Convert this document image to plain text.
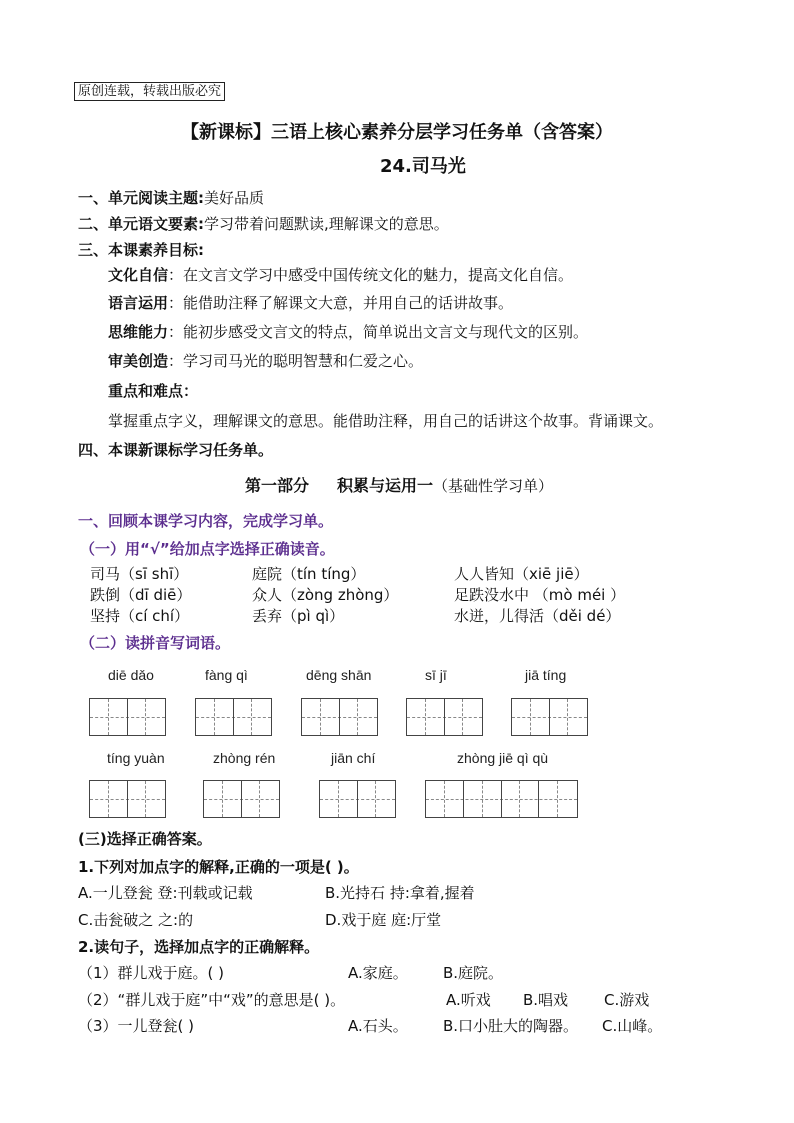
原创连载，转载出版必究
【新课标】三语上核心素养分层学习任务单（含答案）
24.司马光
一、单元阅读主题:美好品质
二、单元语文要素:学习带着问题默读,理解课文的意思。
三、本课素养目标:
文化自信：在文言文学习中感受中国传统文化的魅力，提高文化自信。
语言运用：能借助注释了解课文大意，并用自己的话讲故事。
思维能力：能初步感受文言文的特点，简单说出文言文与现代文的区别。
审美创造：学习司马光的聪明智慧和仁爱之心。
重点和难点：
掌握重点字义，理解课文的意思。能借助注释，用自己的话讲这个故事。背诵课文。
四、本课新课标学习任务单。
第一部分 积累与运用一（基础性学习单）
一、回顾本课学习内容，完成学习单。
（一）用“√”给加点字选择正确读音。
司马（sī shī）	庭院（tín tíng）	人人皆知（xiē jiē）
跌倒（dī diē）	众人（zòng zhòng）	足跌没水中 （mò méi ）
坚持（cí chí）	丢弃（pì qì）	水迸，儿得活（děi dé）
（二）读拼音写词语。
diē dǎo	fàng qì	dēng shān	sī jī	jiā tíng
tíng yuàn	zhòng rén	jiān chí	zhòng jiē qì qù
(三)选择正确答案。
1.下列对加点字的解释,正确的一项是( )。
A.一儿登瓮 登:刊载或记载	B.光持石 持:拿着,握着
C.击瓮破之 之:的	D.戏于庭 庭:厅堂
2.读句子，选择加点字的正确解释。
（1）群儿戏于庭。( )	A.家庭。 B.庭院。
（2）“群儿戏于庭”中“戏”的意思是( )。	A.听戏 B.唱戏 C.游戏
（3）一儿登瓮( )	A.石头。 B.口小肚大的陶器。 C.山峰。
